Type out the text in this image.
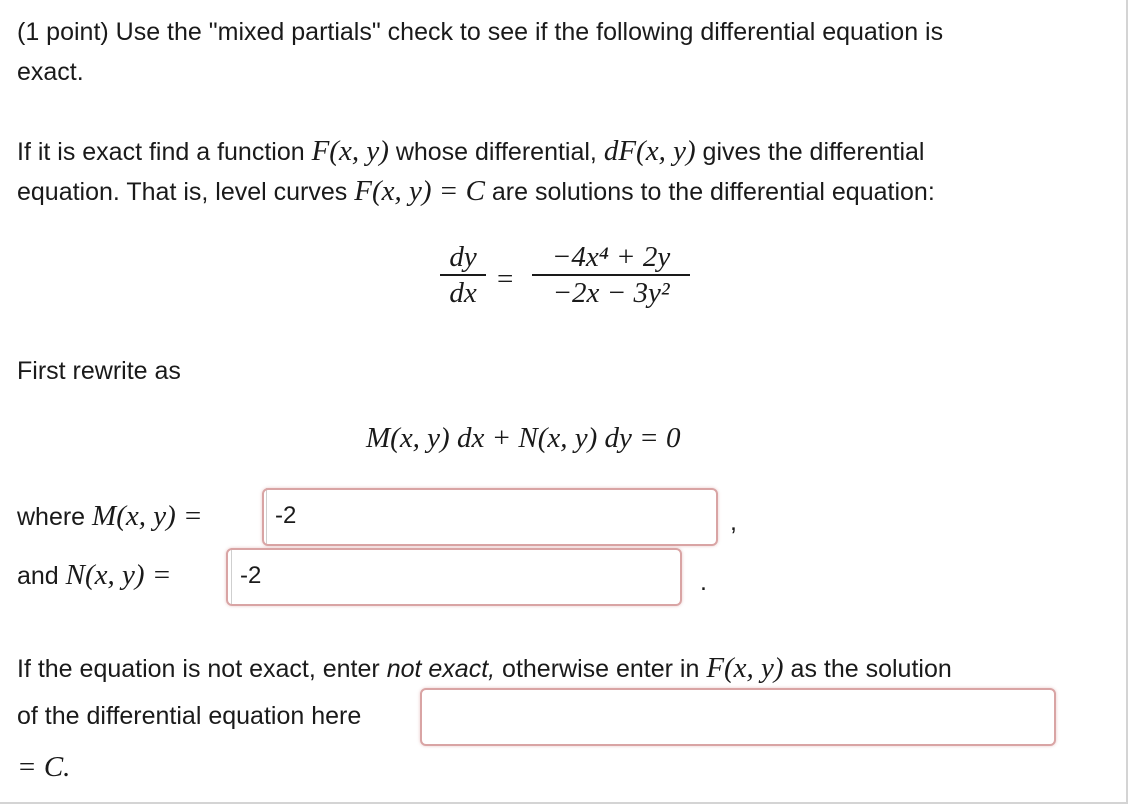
(1 point) Use the "mixed partials" check to see if the following differential equation is
exact.
If it is exact find a function F(x, y) whose differential, dF(x, y) gives the differential
equation. That is, level curves F(x, y) = C are solutions to the differential equation:
dy
dx =
−4x⁴ + 2y
−2x − 3y²
First rewrite as
M(x, y) dx + N(x, y) dy = 0
where M(x, y) =	-2	,
and N(x, y) =	-2	.
If the equation is not exact, enter not exact, otherwise enter in F(x, y) as the solution
of the differential equation here
= C.
